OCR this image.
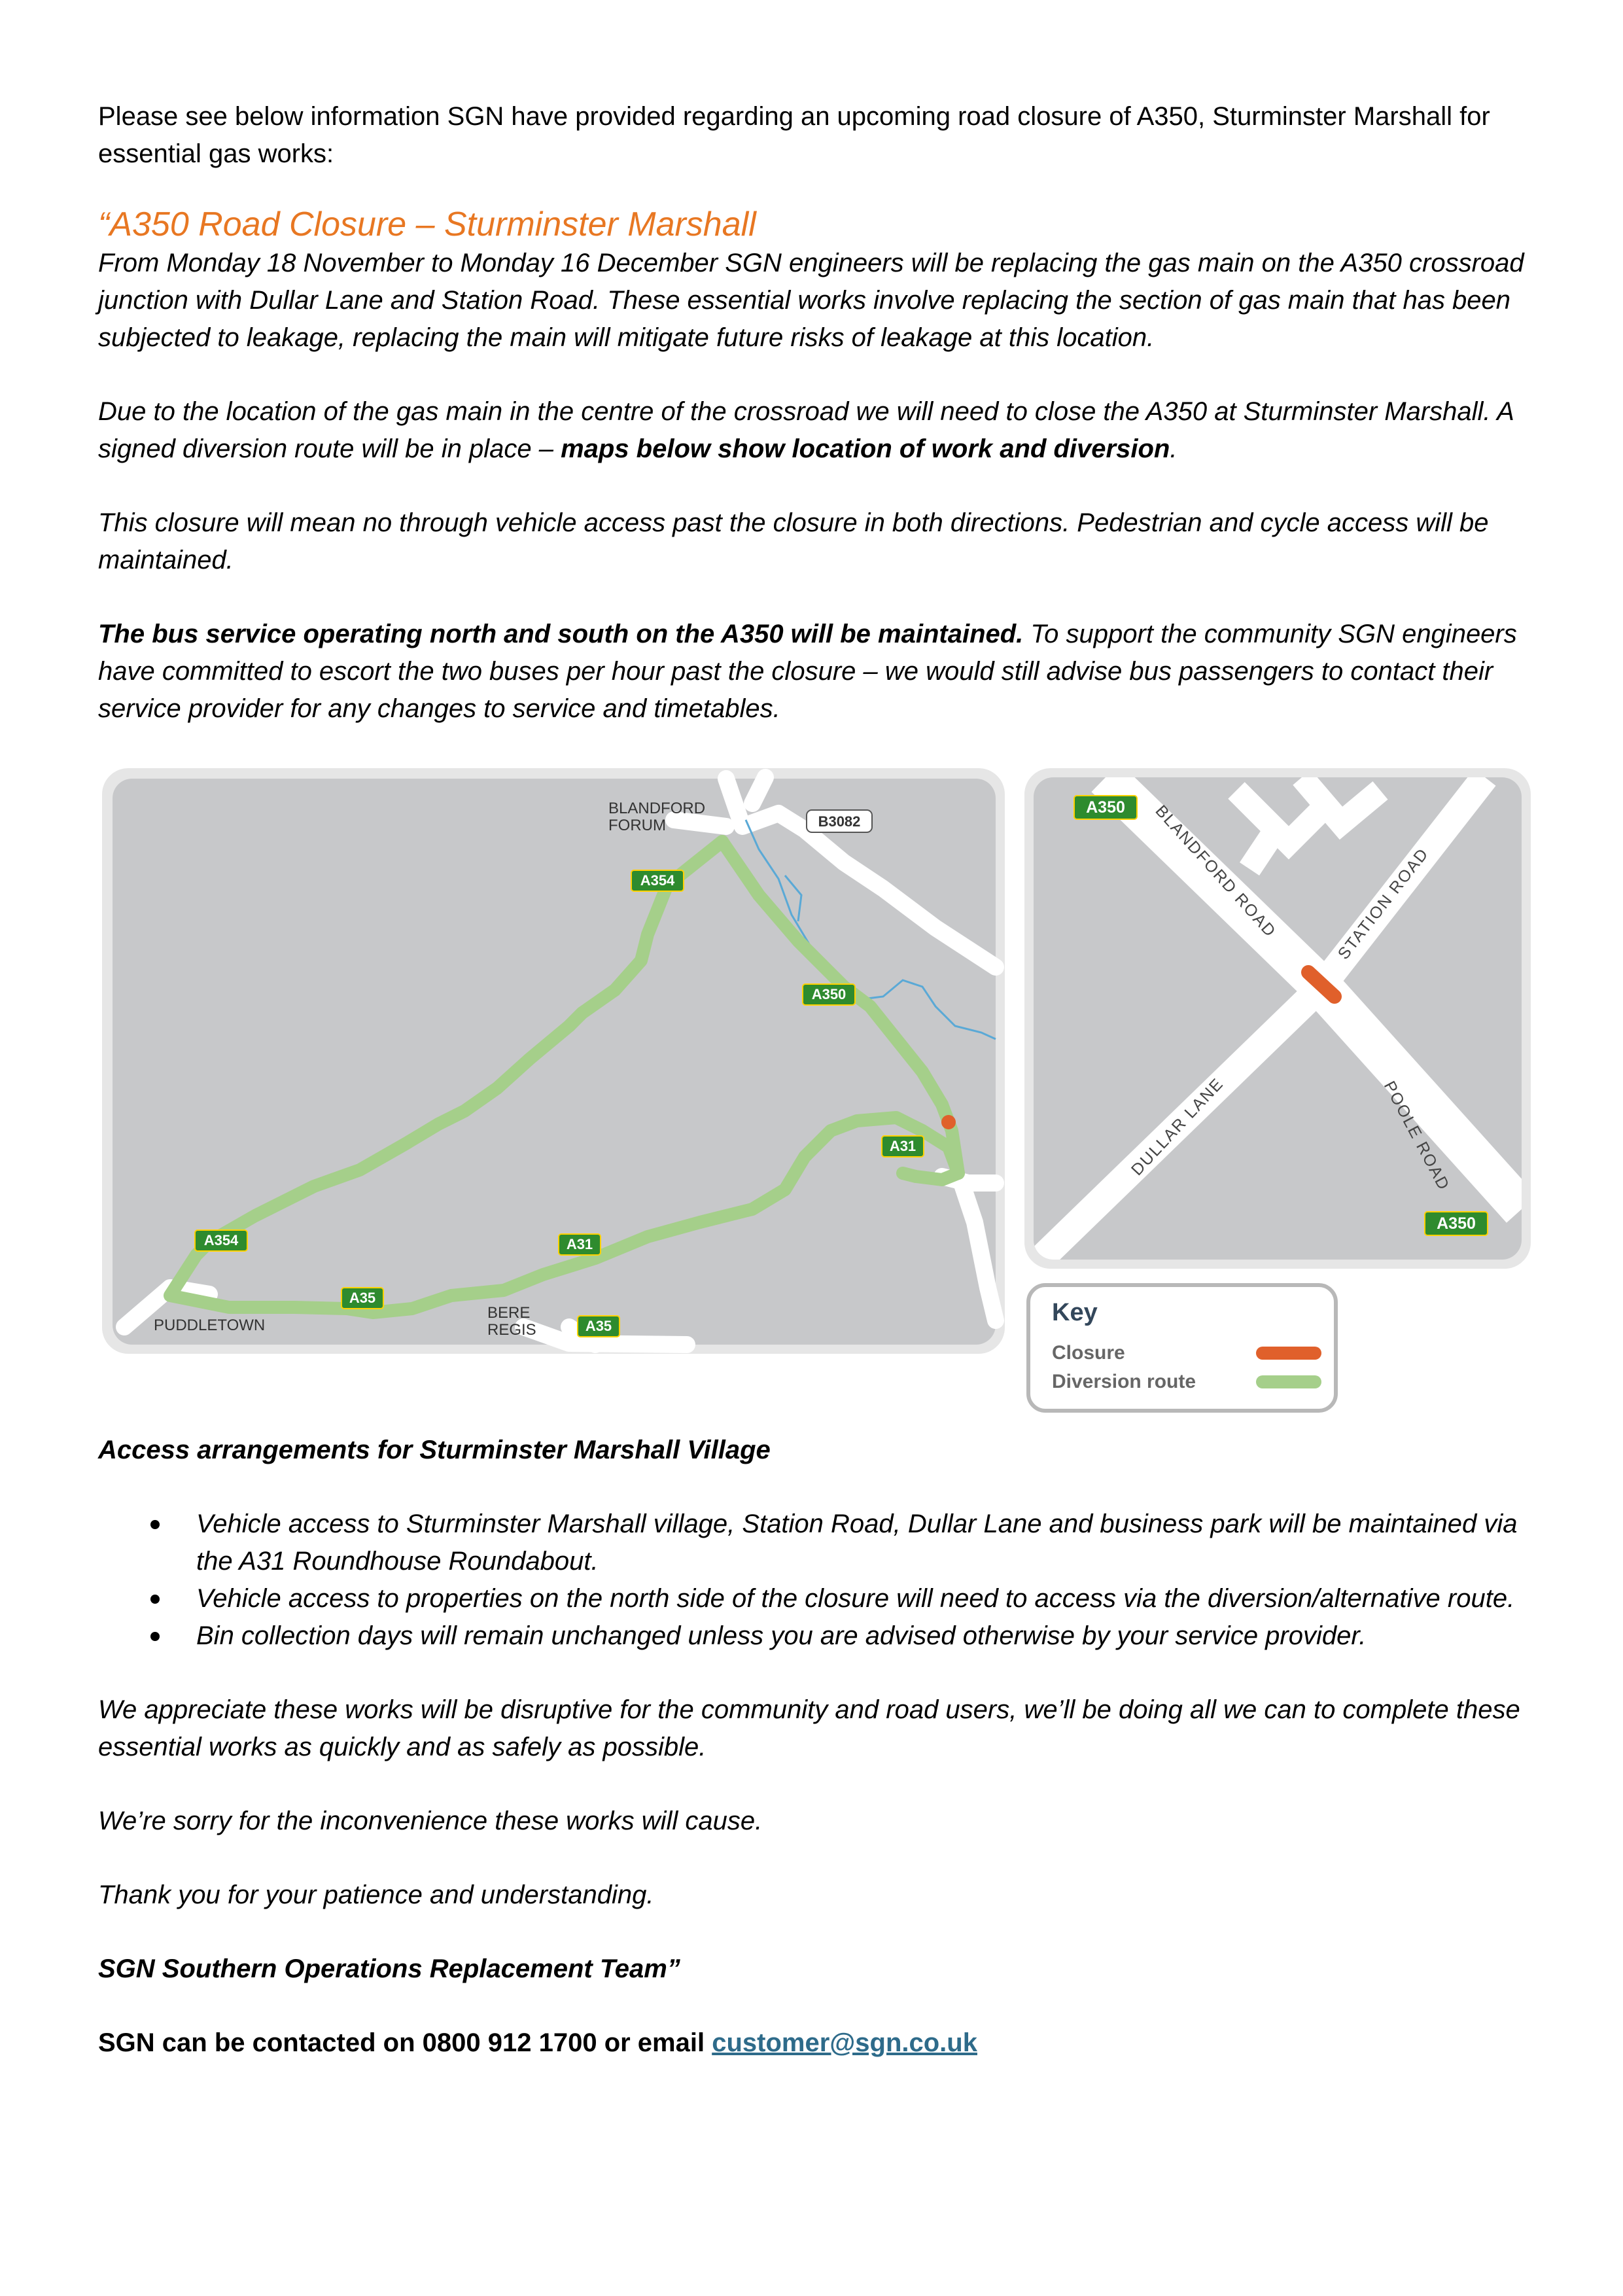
Please see below information SGN have provided regarding an upcoming road closure of A350, Sturminster Marshall for essential gas works:

“A350 Road Closure – Sturminster Marshall

From Monday 18 November to Monday 16 December SGN engineers will be replacing the gas main on the A350 crossroad junction with Dullar Lane and Station Road. These essential works involve replacing the section of gas main that has been subjected to leakage, replacing the main will mitigate future risks of leakage at this location.

Due to the location of the gas main in the centre of the crossroad we will need to close the A350 at Sturminster Marshall. A signed diversion route will be in place – maps below show location of work and diversion.

This closure will mean no through vehicle access past the closure in both directions. Pedestrian and cycle access will be maintained.

The bus service operating north and south on the A350 will be maintained. To support the community SGN engineers have committed to escort the two buses per hour past the closure – we would still advise bus passengers to contact their service provider for any changes to service and timetables.

BLANDFORD
FORUM
PUDDLETOWN
BERE
REGIS
B3082
A354
A350
A31
A354	A31
A35
A35
BLANDFORD ROAD	STATION ROAD
DULLAR LANE	POOLE ROAD
A350
A350
Key
Closure
Diversion route

Access arrangements for Sturminster Marshall Village

Vehicle access to Sturminster Marshall village, Station Road, Dullar Lane and business park will be maintained via the A31 Roundhouse Roundabout.
Vehicle access to properties on the north side of the closure will need to access via the diversion/alternative route.
Bin collection days will remain unchanged unless you are advised otherwise by your service provider.

We appreciate these works will be disruptive for the community and road users, we’ll be doing all we can to complete these essential works as quickly and as safely as possible.

We’re sorry for the inconvenience these works will cause.

Thank you for your patience and understanding.

SGN Southern Operations Replacement Team”

SGN can be contacted on 0800 912 1700 or email customer@sgn.co.uk
